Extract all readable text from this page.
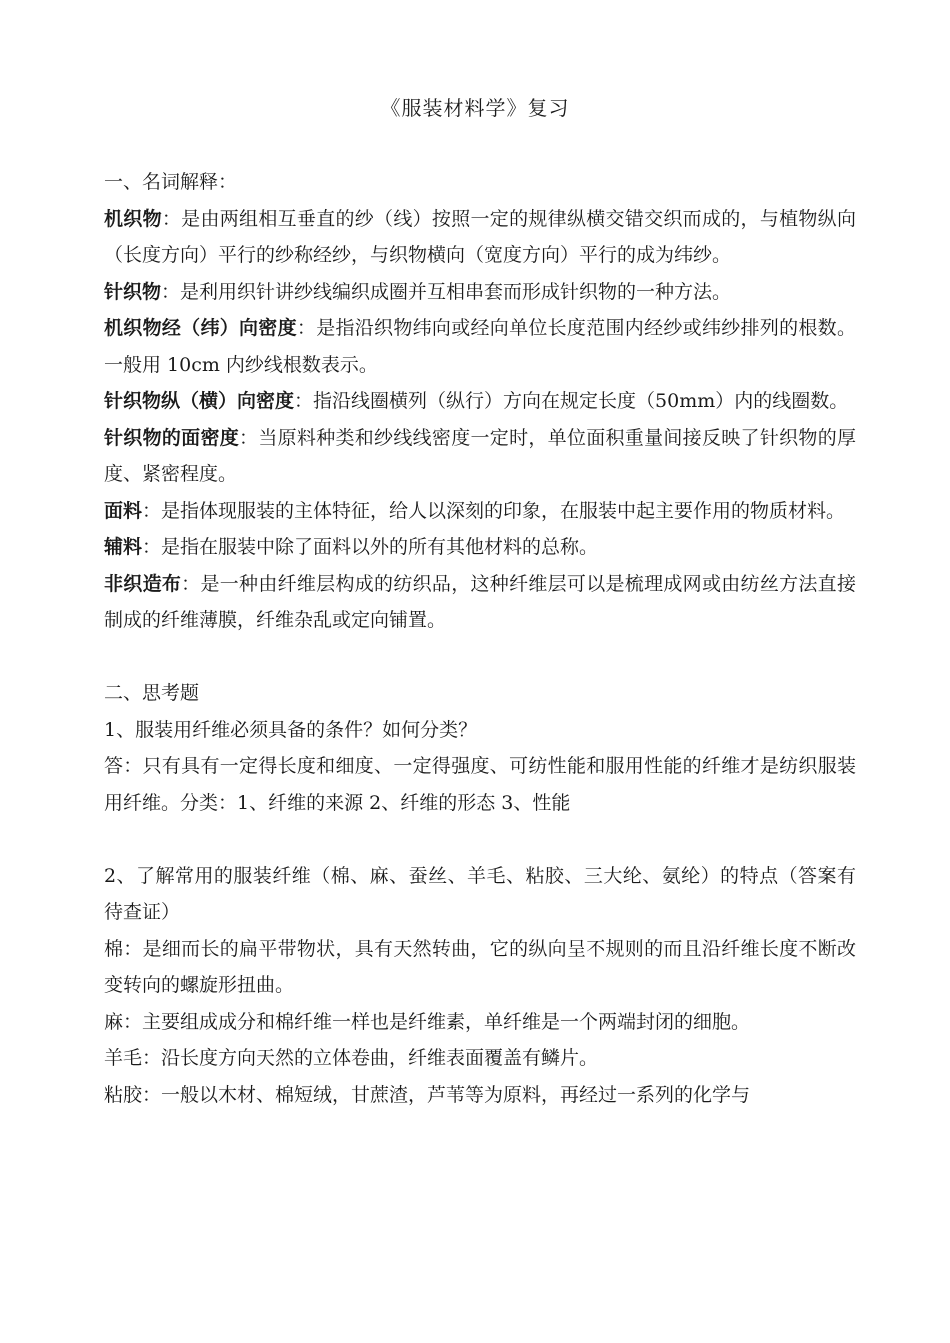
《服装材料学》复习
一、名词解释：
机织物：是由两组相互垂直的纱（线）按照一定的规律纵横交错交织而成的，与植物纵向（长度方向）平行的纱称经纱，与织物横向（宽度方向）平行的成为纬纱。
针织物：是利用织针讲纱线编织成圈并互相串套而形成针织物的一种方法。
机织物经（纬）向密度：是指沿织物纬向或经向单位长度范围内经纱或纬纱排列的根数。一般用 10cm 内纱线根数表示。
针织物纵（横）向密度：指沿线圈横列（纵行）方向在规定长度（50mm）内的线圈数。
针织物的面密度：当原料种类和纱线线密度一定时，单位面积重量间接反映了针织物的厚度、紧密程度。
面料：是指体现服装的主体特征，给人以深刻的印象，在服装中起主要作用的物质材料。
辅料：是指在服装中除了面料以外的所有其他材料的总称。
非织造布：是一种由纤维层构成的纺织品，这种纤维层可以是梳理成网或由纺丝方法直接制成的纤维薄膜，纤维杂乱或定向铺置。
二、思考题
1、服装用纤维必须具备的条件？如何分类？
答：只有具有一定得长度和细度、一定得强度、可纺性能和服用性能的纤维才是纺织服装用纤维。分类：1、纤维的来源 2、纤维的形态 3、性能
2、了解常用的服装纤维（棉、麻、蚕丝、羊毛、粘胶、三大纶、氨纶）的特点（答案有待查证）
棉：是细而长的扁平带物状，具有天然转曲，它的纵向呈不规则的而且沿纤维长度不断改变转向的螺旋形扭曲。
麻：主要组成成分和棉纤维一样也是纤维素，单纤维是一个两端封闭的细胞。
羊毛：沿长度方向天然的立体卷曲，纤维表面覆盖有鳞片。
粘胶：一般以木材、棉短绒，甘蔗渣，芦苇等为原料，再经过一系列的化学与
